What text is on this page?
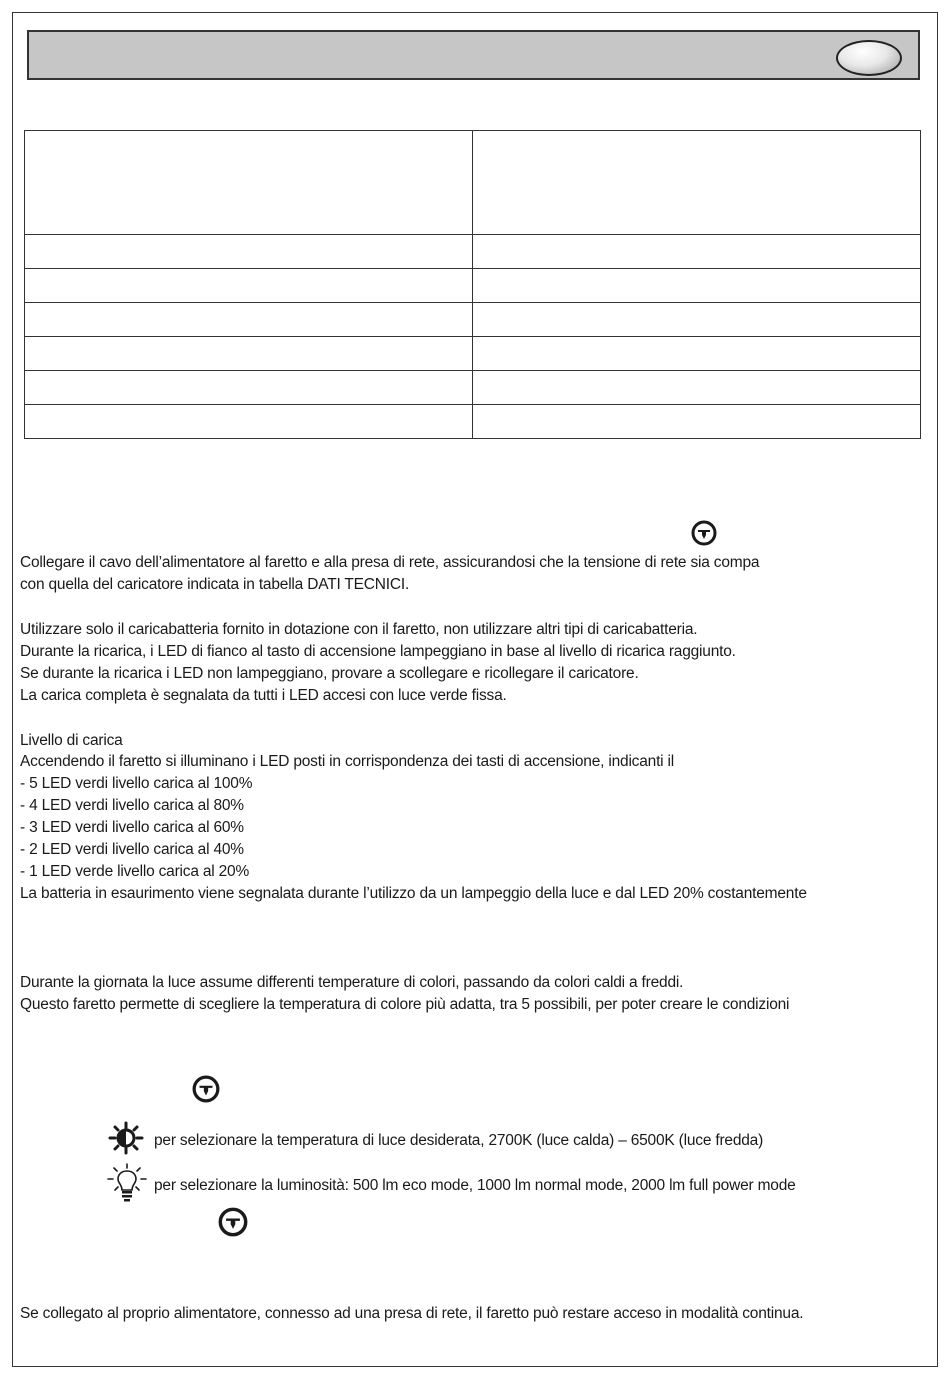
Collegare il cavo dell’alimentatore al faretto e alla presa di rete, assicurandosi che la tensione di rete sia compa
con quella del caricatore indicata in tabella DATI TECNICI.
Utilizzare solo il caricabatteria fornito in dotazione con il faretto, non utilizzare altri tipi di caricabatteria.
Durante la ricarica, i LED di fianco al tasto di accensione lampeggiano in base al livello di ricarica raggiunto.
Se durante la ricarica i LED non lampeggiano, provare a scollegare e ricollegare il caricatore.
La carica completa è segnalata da tutti i LED accesi con luce verde fissa.
Livello di carica
Accendendo il faretto si illuminano i LED posti in corrispondenza dei tasti di accensione, indicanti il
- 5 LED verdi livello carica al 100%
- 4 LED verdi livello carica al 80%
- 3 LED verdi livello carica al 60%
- 2 LED verdi livello carica al 40%
- 1 LED verde livello carica al 20%
La batteria in esaurimento viene segnalata durante l’utilizzo da un lampeggio della luce e dal LED 20% costantemente
Durante la giornata la luce assume differenti temperature di colori, passando da colori caldi a freddi.
Questo faretto permette di scegliere la temperatura di colore più adatta, tra 5 possibili, per poter creare le condizioni
per selezionare la temperatura di luce desiderata, 2700K (luce calda) – 6500K (luce fredda)
per selezionare la luminosità: 500 lm eco mode, 1000 lm normal mode, 2000 lm full power mode
Se collegato al proprio alimentatore, connesso ad una presa di rete, il faretto può restare acceso in modalità continua.
